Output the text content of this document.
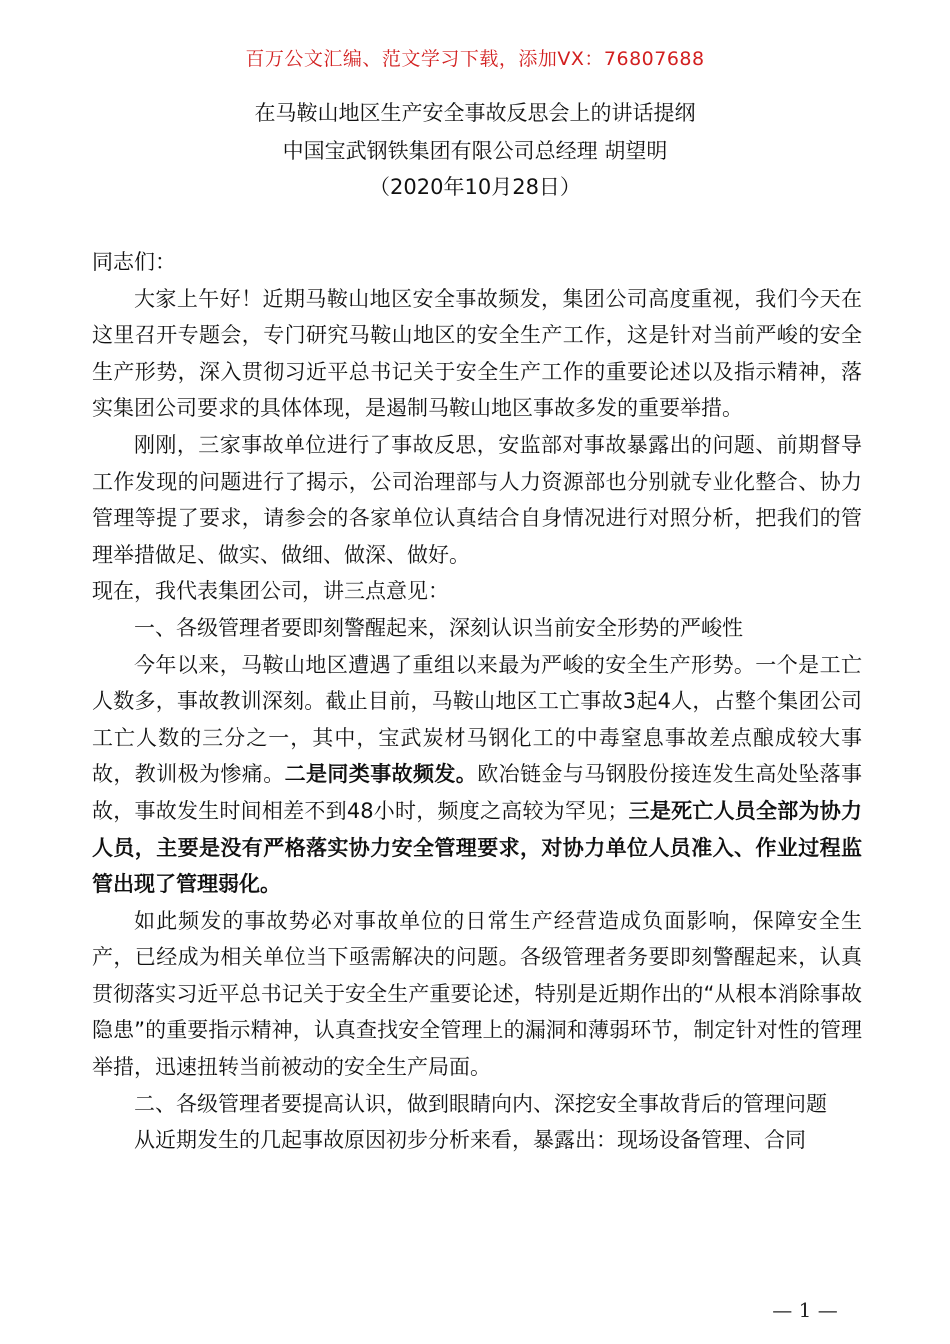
百万公文汇编、范文学习下载，添加VX：76807688
在马鞍山地区生产安全事故反思会上的讲话提纲
中国宝武钢铁集团有限公司总经理 胡望明
（2020年10月28日）

同志们：

大家上午好！近期马鞍山地区安全事故频发，集团公司高度重视，我们今天在这里召开专题会，专门研究马鞍山地区的安全生产工作，这是针对当前严峻的安全生产形势，深入贯彻习近平总书记关于安全生产工作的重要论述以及指示精神，落实集团公司要求的具体体现，是遏制马鞍山地区事故多发的重要举措。

刚刚，三家事故单位进行了事故反思，安监部对事故暴露出的问题、前期督导工作发现的问题进行了揭示，公司治理部与人力资源部也分别就专业化整合、协力管理等提了要求，请参会的各家单位认真结合自身情况进行对照分析，把我们的管理举措做足、做实、做细、做深、做好。

现在，我代表集团公司，讲三点意见：

一、各级管理者要即刻警醒起来，深刻认识当前安全形势的严峻性

今年以来，马鞍山地区遭遇了重组以来最为严峻的安全生产形势。一个是工亡人数多，事故教训深刻。截止目前，马鞍山地区工亡事故3起4人，占整个集团公司工亡人数的三分之一，其中，宝武炭材马钢化工的中毒窒息事故差点酿成较大事故，教训极为惨痛。二是同类事故频发。欧冶链金与马钢股份接连发生高处坠落事故，事故发生时间相差不到48小时，频度之高较为罕见；三是死亡人员全部为协力人员，主要是没有严格落实协力安全管理要求，对协力单位人员准入、作业过程监管出现了管理弱化。

如此频发的事故势必对事故单位的日常生产经营造成负面影响，保障安全生产，已经成为相关单位当下亟需解决的问题。各级管理者务要即刻警醒起来，认真贯彻落实习近平总书记关于安全生产重要论述，特别是近期作出的“从根本消除事故隐患”的重要指示精神，认真查找安全管理上的漏洞和薄弱环节，制定针对性的管理举措，迅速扭转当前被动的安全生产局面。

二、各级管理者要提高认识，做到眼睛向内、深挖安全事故背后的管理问题

从近期发生的几起事故原因初步分析来看，暴露出：现场设备管理、合同

— 1 —
